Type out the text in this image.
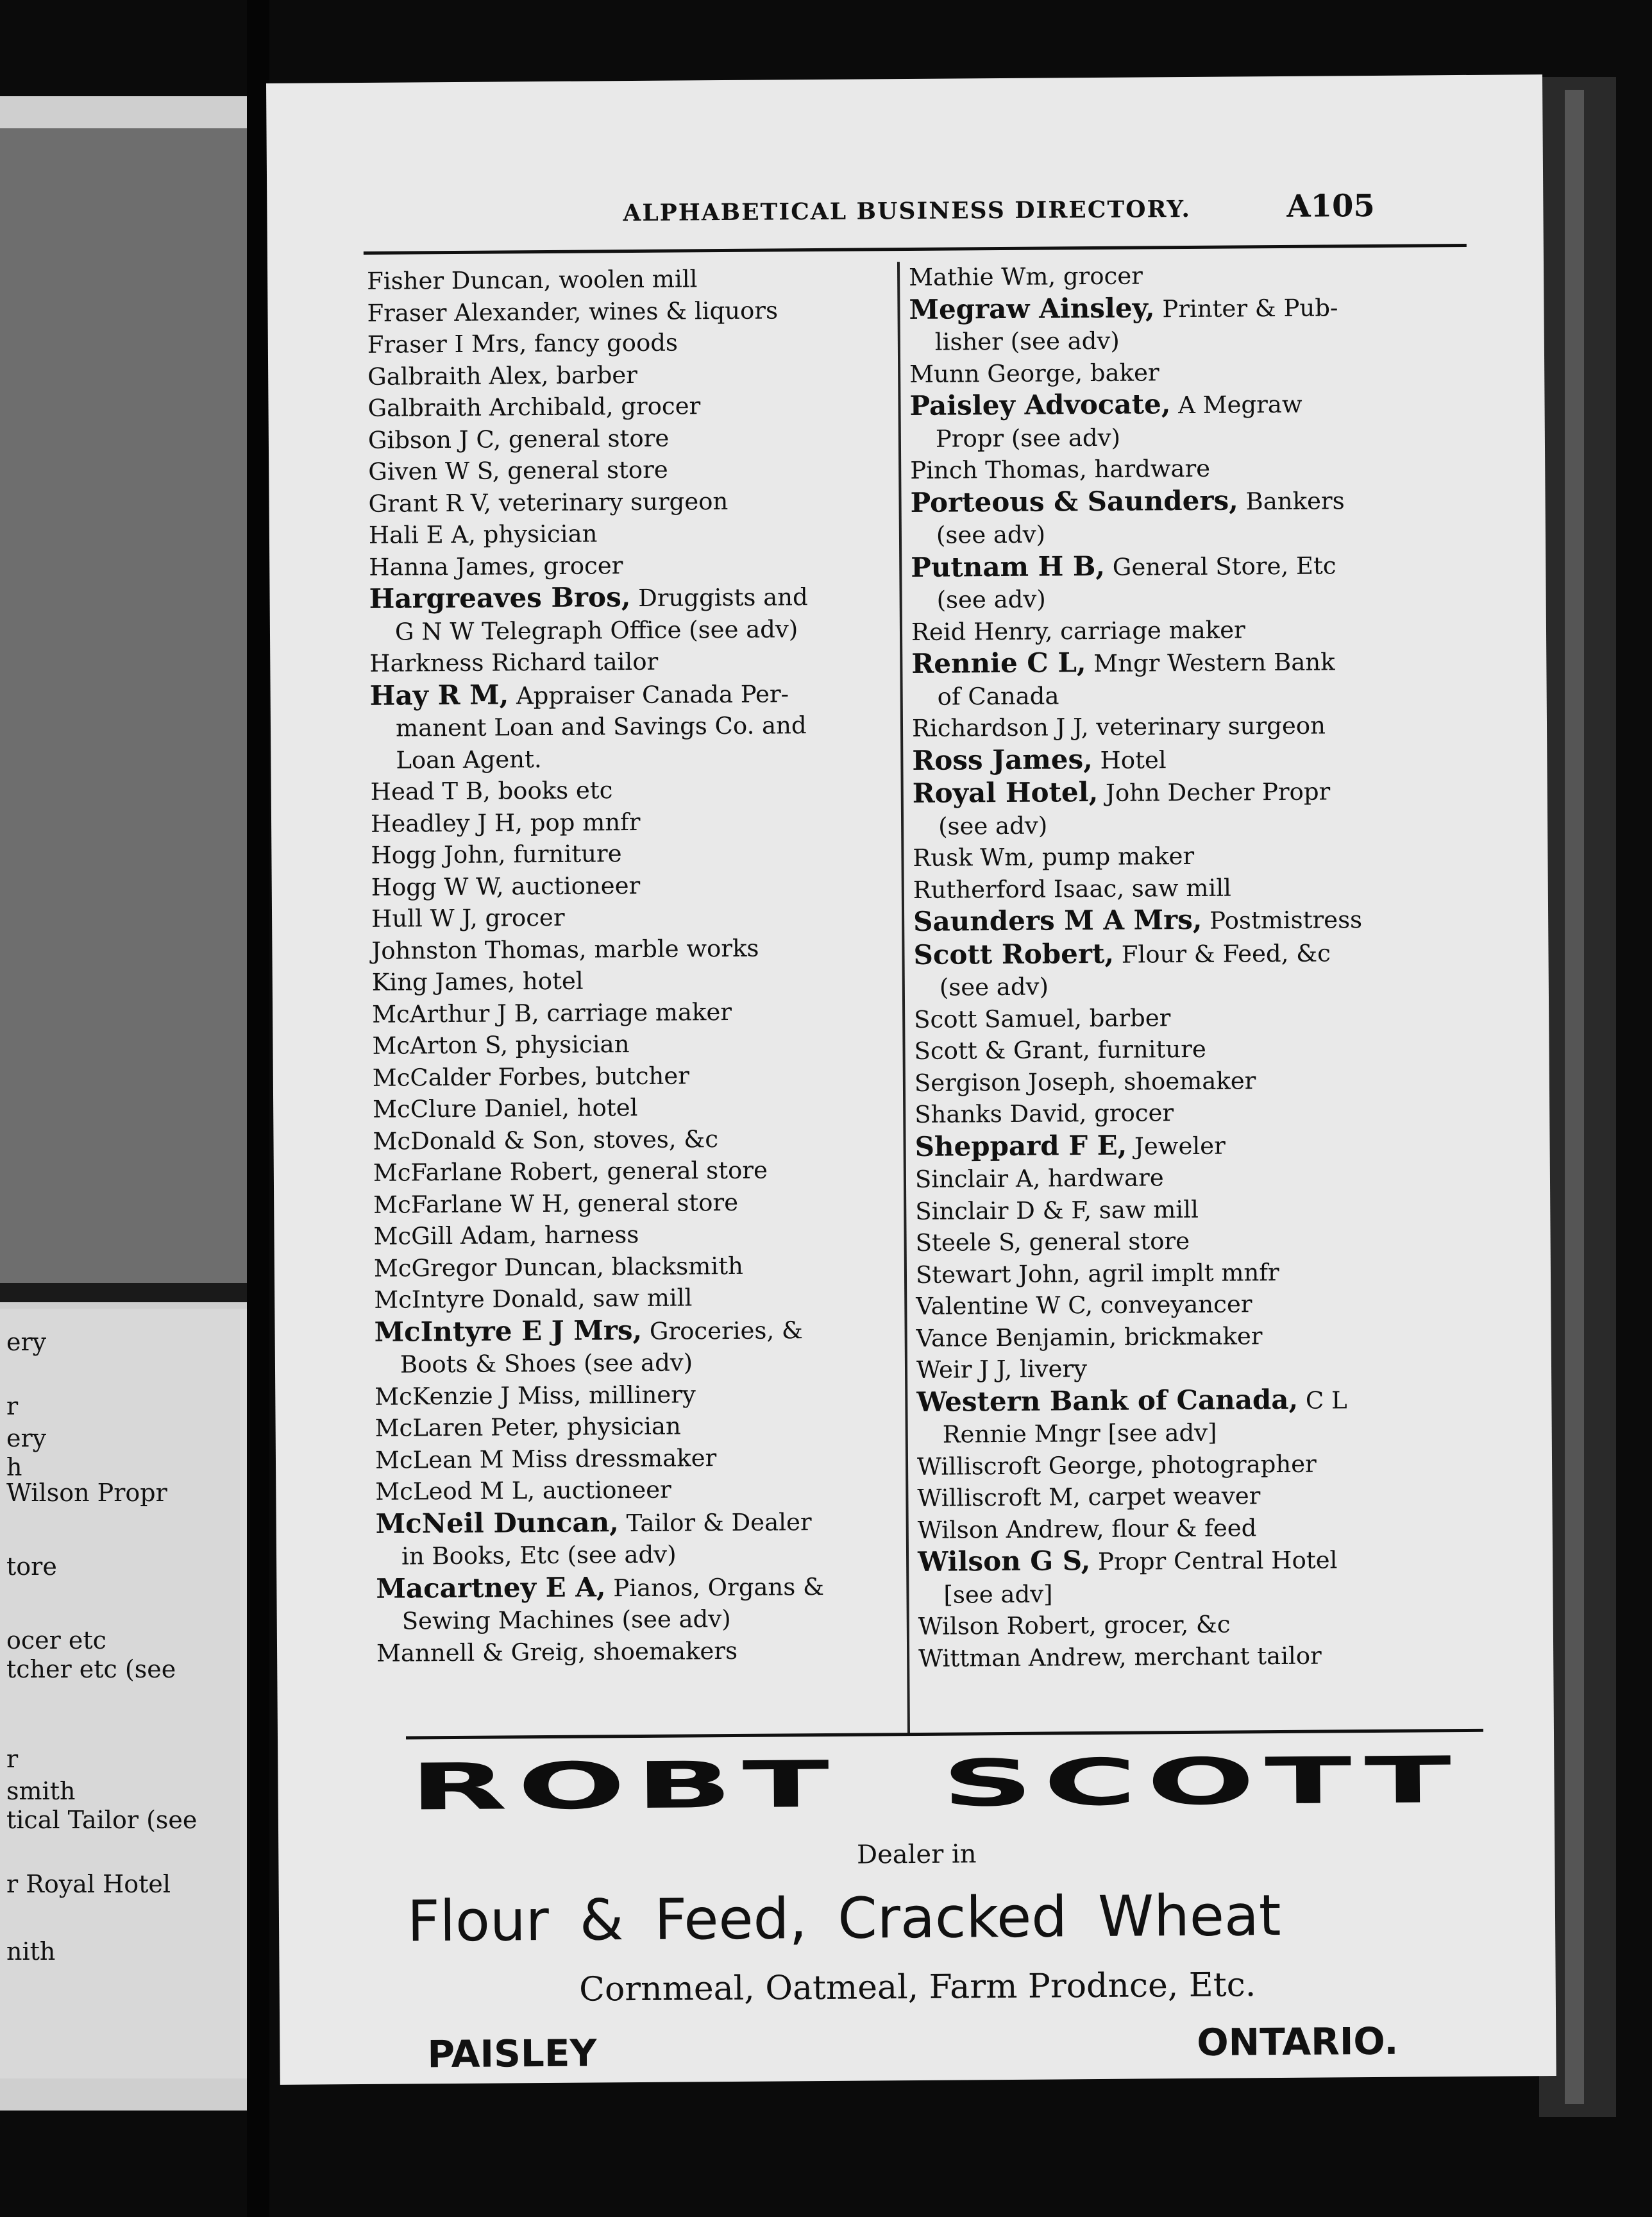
ery
r
ery
h
Wilson Propr
tore
ocer etc
tcher etc (see
r
smith
tical Tailor (see
r Royal Hotel
nith
ALPHABETICAL BUSINESS DIRECTORY.	A105
Fisher Duncan, woolen mill
Fraser Alexander, wines & liquors
Fraser I Mrs, fancy goods
Galbraith Alex, barber
Galbraith Archibald, grocer
Gibson J C, general store
Given W S, general store
Grant R V, veterinary surgeon
Hali E A, physician
Hanna James, grocer
Hargreaves Bros, Druggists and
G N W Telegraph Office (see adv)
Harkness Richard tailor
Hay R M, Appraiser Canada Per-
manent Loan and Savings Co. and
Loan Agent.
Head T B, books etc
Headley J H, pop mnfr
Hogg John, furniture
Hogg W W, auctioneer
Hull W J, grocer
Johnston Thomas, marble works
King James, hotel
McArthur J B, carriage maker
McArton S, physician
McCalder Forbes, butcher
McClure Daniel, hotel
McDonald & Son, stoves, &c
McFarlane Robert, general store
McFarlane W H, general store
McGill Adam, harness
McGregor Duncan, blacksmith
McIntyre Donald, saw mill
McIntyre E J Mrs, Groceries, &
Boots & Shoes (see adv)
McKenzie J Miss, millinery
McLaren Peter, physician
McLean M Miss dressmaker
McLeod M L, auctioneer
McNeil Duncan, Tailor & Dealer
in Books, Etc (see adv)
Macartney E A, Pianos, Organs &
Sewing Machines (see adv)
Mannell & Greig, shoemakers
Mathie Wm, grocer
Megraw Ainsley, Printer & Pub-
lisher (see adv)
Munn George, baker
Paisley Advocate, A Megraw
Propr (see adv)
Pinch Thomas, hardware
Porteous & Saunders, Bankers
(see adv)
Putnam H B, General Store, Etc
(see adv)
Reid Henry, carriage maker
Rennie C L, Mngr Western Bank
of Canada
Richardson J J, veterinary surgeon
Ross James, Hotel
Royal Hotel, John Decher Propr
(see adv)
Rusk Wm, pump maker
Rutherford Isaac, saw mill
Saunders M A Mrs, Postmistress
Scott Robert, Flour & Feed, &c
(see adv)
Scott Samuel, barber
Scott & Grant, furniture
Sergison Joseph, shoemaker
Shanks David, grocer
Sheppard F E, Jeweler
Sinclair A, hardware
Sinclair D & F, saw mill
Steele S, general store
Stewart John, agril implt mnfr
Valentine W C, conveyancer
Vance Benjamin, brickmaker
Weir J J, livery
Western Bank of Canada, C L
Rennie Mngr [see adv]
Williscroft George, photographer
Williscroft M, carpet weaver
Wilson Andrew, flour & feed
Wilson G S, Propr Central Hotel
[see adv]
Wilson Robert, grocer, &c
Wittman Andrew, merchant tailor
ROBT SCOTT
Dealer in
Flour & Feed, Cracked Wheat
Cornmeal, Oatmeal, Farm Prodnce, Etc.
PAISLEY	ONTARIO.
